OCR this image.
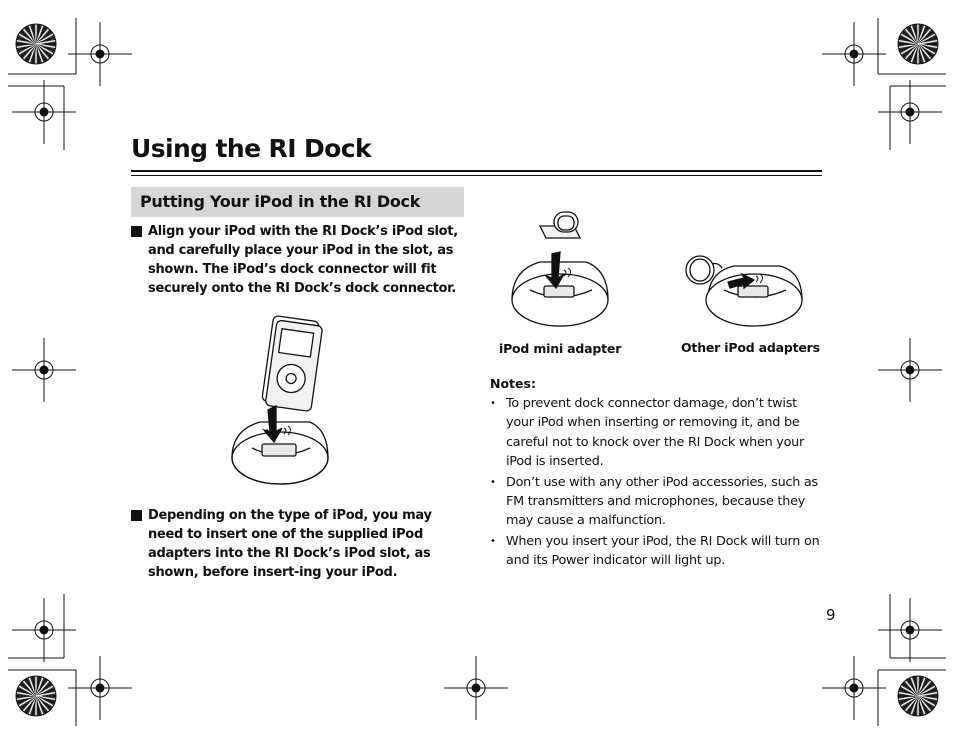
Using the RI Dock
Putting Your iPod in the RI Dock
Align your iPod with the RI Dock’s iPod slot, and carefully place your iPod in the slot, as shown. The iPod’s dock connector will fit securely onto the RI Dock’s dock connector.
Depending on the type of iPod, you may need to insert one of the supplied iPod adapters into the RI Dock’s iPod slot, as shown, before insert-ing your iPod.
iPod mini adapter	Other iPod adapters
Notes:
• To prevent dock connector damage, don’t twist your iPod when inserting or removing it, and be careful not to knock over the RI Dock when your iPod is inserted.
• Don’t use with any other iPod accessories, such as FM transmitters and microphones, because they may cause a malfunction.
• When you insert your iPod, the RI Dock will turn on and its Power indicator will light up.
9
